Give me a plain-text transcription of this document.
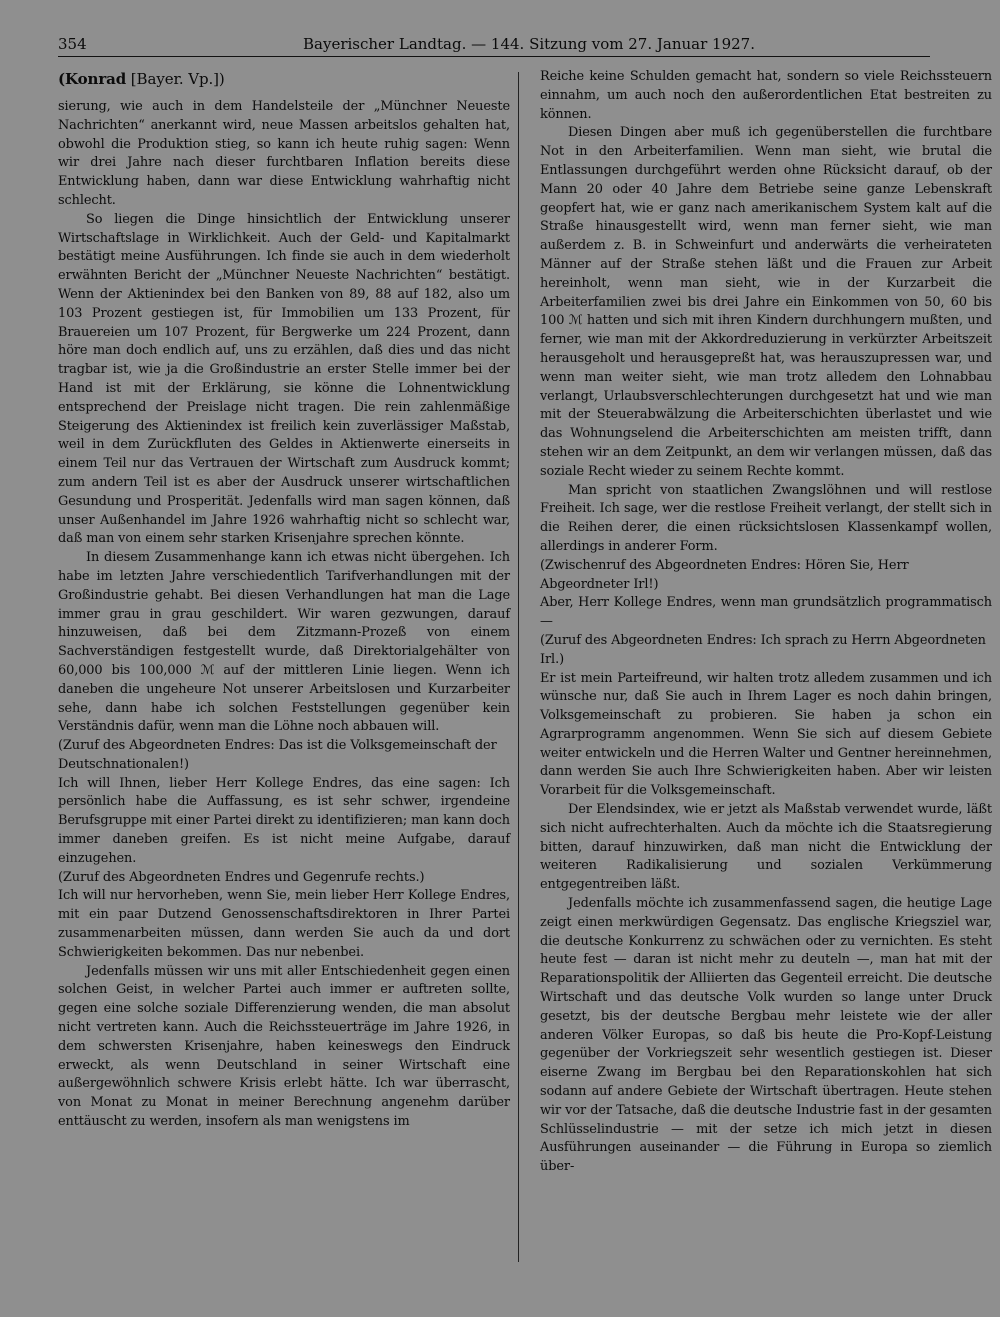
354	Bayerischer Landtag. — 144. Sitzung vom 27. Januar 1927.
(Konrad [Bayer. Vp.])

sierung, wie auch in dem Handelsteile der „Münchner Neueste Nachrichten“ anerkannt wird, neue Massen arbeitslos gehalten hat, obwohl die Produktion stieg, so kann ich heute ruhig sagen: Wenn wir drei Jahre nach dieser furchtbaren Inflation bereits diese Entwicklung haben, dann war diese Entwicklung wahrhaftig nicht schlecht.

So liegen die Dinge hinsichtlich der Entwicklung unserer Wirtschaftslage in Wirklichkeit. Auch der Geld- und Kapitalmarkt bestätigt meine Ausführungen. Ich finde sie auch in dem wiederholt erwähnten Bericht der „Münchner Neueste Nachrichten“ bestätigt. Wenn der Aktienindex bei den Banken von 89, 88 auf 182, also um 103 Prozent gestiegen ist, für Immobilien um 133 Prozent, für Brauereien um 107 Prozent, für Bergwerke um 224 Prozent, dann höre man doch endlich auf, uns zu erzählen, daß dies und das nicht tragbar ist, wie ja die Großindustrie an erster Stelle immer bei der Hand ist mit der Erklärung, sie könne die Lohnentwicklung entsprechend der Preislage nicht tragen. Die rein zahlenmäßige Steigerung des Aktienindex ist freilich kein zuverlässiger Maßstab, weil in dem Zurückfluten des Geldes in Aktienwerte einerseits in einem Teil nur das Vertrauen der Wirtschaft zum Ausdruck kommt; zum andern Teil ist es aber der Ausdruck unserer wirtschaftlichen Gesundung und Prosperität. Jedenfalls wird man sagen können, daß unser Außenhandel im Jahre 1926 wahrhaftig nicht so schlecht war, daß man von einem sehr starken Krisenjahre sprechen könnte.

In diesem Zusammenhange kann ich etwas nicht übergehen. Ich habe im letzten Jahre verschiedentlich Tarifverhandlungen mit der Großindustrie gehabt. Bei diesen Verhandlungen hat man die Lage immer grau in grau geschildert. Wir waren gezwungen, darauf hinzuweisen, daß bei dem Zitzmann-Prozeß von einem Sachverständigen festgestellt wurde, daß Direktorialgehälter von 60,000 bis 100,000 ℳ auf der mittleren Linie liegen. Wenn ich daneben die ungeheure Not unserer Arbeitslosen und Kurzarbeiter sehe, dann habe ich solchen Feststellungen gegenüber kein Verständnis dafür, wenn man die Löhne noch abbauen will.

(Zuruf des Abgeordneten Endres: Das ist die Volksgemeinschaft der Deutschnationalen!)

Ich will Ihnen, lieber Herr Kollege Endres, das eine sagen: Ich persönlich habe die Auffassung, es ist sehr schwer, irgendeine Berufsgruppe mit einer Partei direkt zu identifizieren; man kann doch immer daneben greifen. Es ist nicht meine Aufgabe, darauf einzugehen.

(Zuruf des Abgeordneten Endres und Gegenrufe rechts.)

Ich will nur hervorheben, wenn Sie, mein lieber Herr Kollege Endres, mit ein paar Dutzend Genossenschaftsdirektoren in Ihrer Partei zusammenarbeiten müssen, dann werden Sie auch da und dort Schwierigkeiten bekommen. Das nur nebenbei.

Jedenfalls müssen wir uns mit aller Entschiedenheit gegen einen solchen Geist, in welcher Partei auch immer er auftreten sollte, gegen eine solche soziale Differenzierung wenden, die man absolut nicht vertreten kann. Auch die Reichssteuerträge im Jahre 1926, in dem schwersten Krisenjahre, haben keineswegs den Eindruck erweckt, als wenn Deutschland in seiner Wirtschaft eine außergewöhnlich schwere Krisis erlebt hätte. Ich war überrascht, von Monat zu Monat in meiner Berechnung angenehm darüber enttäuscht zu werden, insofern als man wenigstens im

Reiche keine Schulden gemacht hat, sondern so viele Reichssteuern einnahm, um auch noch den außerordentlichen Etat bestreiten zu können.

Diesen Dingen aber muß ich gegenüberstellen die furchtbare Not in den Arbeiterfamilien. Wenn man sieht, wie brutal die Entlassungen durchgeführt werden ohne Rücksicht darauf, ob der Mann 20 oder 40 Jahre dem Betriebe seine ganze Lebenskraft geopfert hat, wie er ganz nach amerikanischem System kalt auf die Straße hinausgestellt wird, wenn man ferner sieht, wie man außerdem z. B. in Schweinfurt und anderwärts die verheirateten Männer auf der Straße stehen läßt und die Frauen zur Arbeit hereinholt, wenn man sieht, wie in der Kurzarbeit die Arbeiterfamilien zwei bis drei Jahre ein Einkommen von 50, 60 bis 100 ℳ hatten und sich mit ihren Kindern durchhungern mußten, und ferner, wie man mit der Akkordreduzierung in verkürzter Arbeitszeit herausgeholt und herausgepreßt hat, was herauszupressen war, und wenn man weiter sieht, wie man trotz alledem den Lohnabbau verlangt, Urlaubsverschlechterungen durchgesetzt hat und wie man mit der Steuerabwälzung die Arbeiterschichten überlastet und wie das Wohnungselend die Arbeiterschichten am meisten trifft, dann stehen wir an dem Zeitpunkt, an dem wir verlangen müssen, daß das soziale Recht wieder zu seinem Rechte kommt.

Man spricht von staatlichen Zwangslöhnen und will restlose Freiheit. Ich sage, wer die restlose Freiheit verlangt, der stellt sich in die Reihen derer, die einen rücksichtslosen Klassenkampf wollen, allerdings in anderer Form.

(Zwischenruf des Abgeordneten Endres: Hören Sie, Herr Abgeordneter Irl!)

Aber, Herr Kollege Endres, wenn man grundsätzlich programmatisch —

(Zuruf des Abgeordneten Endres: Ich sprach zu Herrn Abgeordneten Irl.)

Er ist mein Parteifreund, wir halten trotz alledem zusammen und ich wünsche nur, daß Sie auch in Ihrem Lager es noch dahin bringen, Volksgemeinschaft zu probieren. Sie haben ja schon ein Agrarprogramm angenommen. Wenn Sie sich auf diesem Gebiete weiter entwickeln und die Herren Walter und Gentner hereinnehmen, dann werden Sie auch Ihre Schwierigkeiten haben. Aber wir leisten Vorarbeit für die Volksgemeinschaft.

Der Elendsindex, wie er jetzt als Maßstab verwendet wurde, läßt sich nicht aufrechterhalten. Auch da möchte ich die Staatsregierung bitten, darauf hinzuwirken, daß man nicht die Entwicklung der weiteren Radikalisierung und sozialen Verkümmerung entgegentreiben läßt.

Jedenfalls möchte ich zusammenfassend sagen, die heutige Lage zeigt einen merkwürdigen Gegensatz. Das englische Kriegsziel war, die deutsche Konkurrenz zu schwächen oder zu vernichten. Es steht heute fest — daran ist nicht mehr zu deuteln —, man hat mit der Reparationspolitik der Alliierten das Gegenteil erreicht. Die deutsche Wirtschaft und das deutsche Volk wurden so lange unter Druck gesetzt, bis der deutsche Bergbau mehr leistete wie der aller anderen Völker Europas, so daß bis heute die Pro-Kopf-Leistung gegenüber der Vorkriegszeit sehr wesentlich gestiegen ist. Dieser eiserne Zwang im Bergbau bei den Reparationskohlen hat sich sodann auf andere Gebiete der Wirtschaft übertragen. Heute stehen wir vor der Tatsache, daß die deutsche Industrie fast in der gesamten Schlüsselindustrie — mit der setze ich mich jetzt in diesen Ausführungen auseinander — die Führung in Europa so ziemlich über-
